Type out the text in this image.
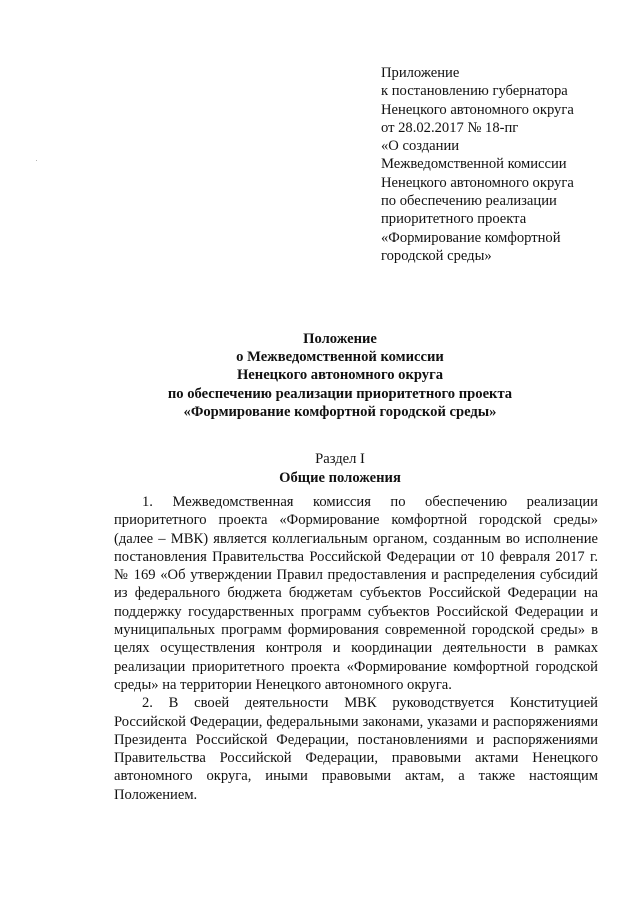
Приложение
к постановлению губернатора
Ненецкого автономного округа
от 28.02.2017 № 18-пг
«О создании
Межведомственной комиссии
Ненецкого автономного округа
по обеспечению реализации
приоритетного проекта
«Формирование комфортной
городской среды»
Положение
о Межведомственной комиссии
Ненецкого автономного округа
по обеспечению реализации приоритетного проекта
«Формирование комфортной городской среды»
Раздел I
Общие положения
1. Межведомственная комиссия по обеспечению реализации
приоритетного проекта «Формирование комфортной городской среды»
(далее – МВК) является коллегиальным органом, созданным во исполнение
постановления Правительства Российской Федерации от 10 февраля 2017 г.
№ 169 «Об утверждении Правил предоставления и распределения субсидий
из федерального бюджета бюджетам субъектов Российской Федерации на
поддержку государственных программ субъектов Российской Федерации и
муниципальных программ формирования современной городской среды» в
целях осуществления контроля и координации деятельности в рамках
реализации приоритетного проекта «Формирование комфортной городской
среды» на территории Ненецкого автономного округа.
2. В своей деятельности МВК руководствуется Конституцией
Российской Федерации, федеральными законами, указами и распоряжениями
Президента Российской Федерации, постановлениями и распоряжениями
Правительства Российской Федерации, правовыми актами Ненецкого
автономного округа, иными правовыми актам, а также настоящим
Положением.
